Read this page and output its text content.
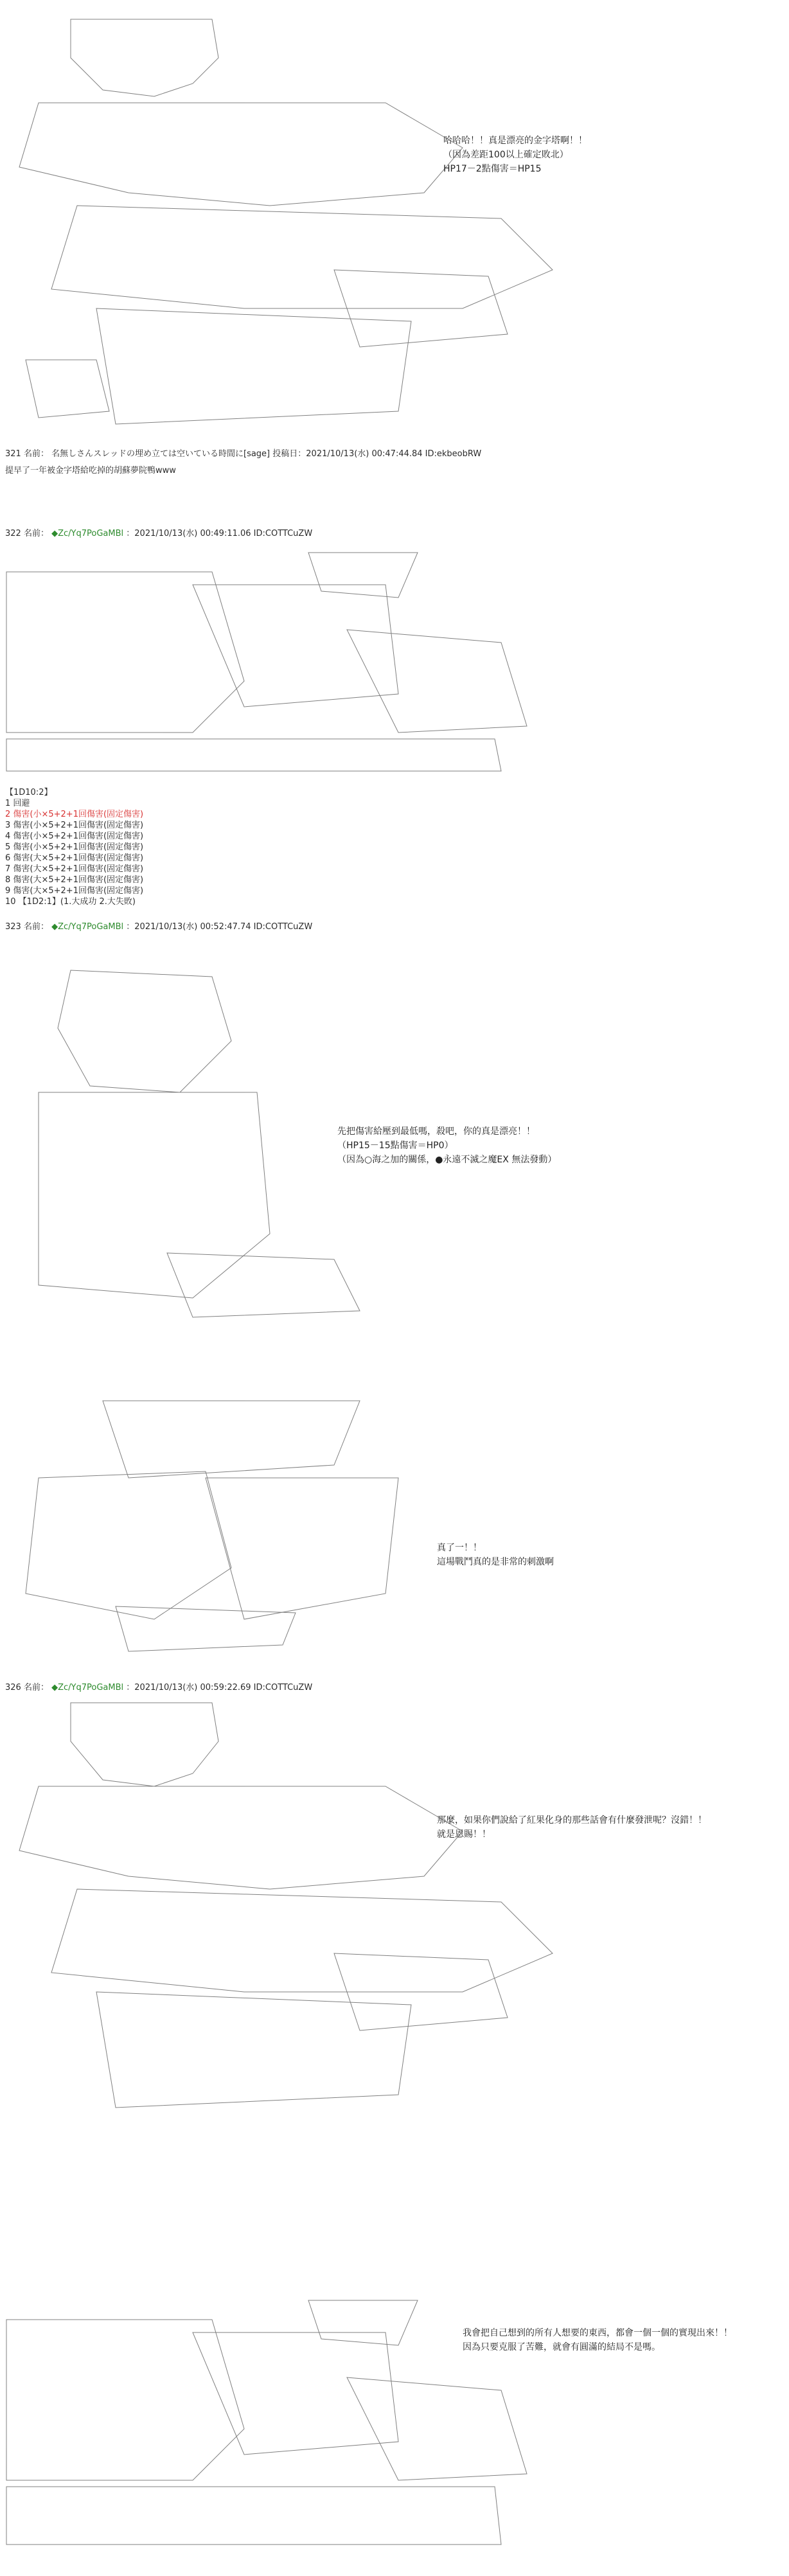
哈哈哈！！真是漂亮的金字塔啊！！
（因為差距100以上確定敗北）
HP17－2點傷害＝HP15
321 名前： 名無しさんスレッドの埋め立ては空いている時間に[sage] 投稿日：2021/10/13(水) 00:47:44.84 ID:ekbeobRW
提早了一年被金字塔給吃掉的胡蘇夢院鴨www
322 名前： ◆Zc/Yq7PoGaMBl ：2021/10/13(水) 00:49:11.06 ID:COTTCuZW
【1D10:2】
1 回避
2 傷害(小×5+2+1回傷害(固定傷害)
3 傷害(小×5+2+1回傷害(固定傷害)
4 傷害(小×5+2+1回傷害(固定傷害)
5 傷害(小×5+2+1回傷害(固定傷害)
6 傷害(大×5+2+1回傷害(固定傷害)
7 傷害(大×5+2+1回傷害(固定傷害)
8 傷害(大×5+2+1回傷害(固定傷害)
9 傷害(大×5+2+1回傷害(固定傷害)
10 【1D2:1】(1.大成功 2.大失敗)
323 名前： ◆Zc/Yq7PoGaMBl ：2021/10/13(水) 00:52:47.74 ID:COTTCuZW
先把傷害給壓到最低嗎，殺吧，你的真是漂亮！！
（HP15－15點傷害＝HP0）
（因為○海之加的關係，●永遠不滅之魔EX 無法發動）
真了一！！
這場戰鬥真的是非常的刺激啊
326 名前： ◆Zc/Yq7PoGaMBl ：2021/10/13(水) 00:59:22.69 ID:COTTCuZW
那麼，如果你們說給了紅果化身的那些話會有什麼發泄呢？沒錯！！
就是恩賜！！
我會把自己想到的所有人想要的東西，都會一個一個的實現出來！！
因為只要克服了苦難，就會有圓滿的結局不是嗎。
